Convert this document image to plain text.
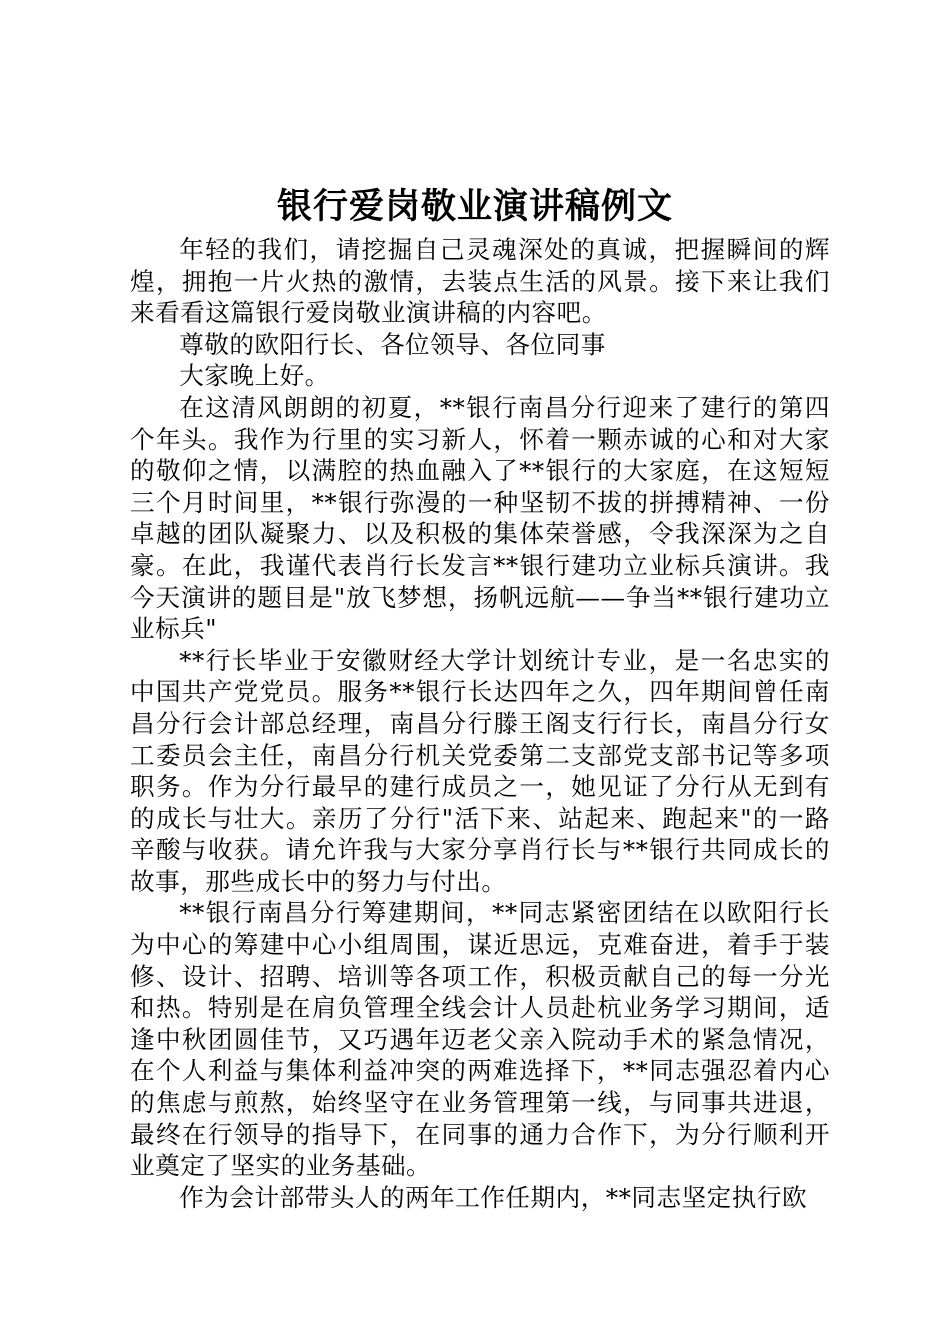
银行爱岗敬业演讲稿例文

年轻的我们，请挖掘自己灵魂深处的真诚，把握瞬间的辉煌，拥抱一片火热的激情，去装点生活的风景。接下来让我们来看看这篇银行爱岗敬业演讲稿的内容吧。

尊敬的欧阳行长、各位领导、各位同事

大家晚上好。

在这清风朗朗的初夏，**银行南昌分行迎来了建行的第四个年头。我作为行里的实习新人，怀着一颗赤诚的心和对大家的敬仰之情，以满腔的热血融入了**银行的大家庭，在这短短三个月时间里，**银行弥漫的一种坚韧不拔的拼搏精神、一份卓越的团队凝聚力、以及积极的集体荣誉感，令我深深为之自豪。在此，我谨代表肖行长发言**银行建功立业标兵演讲。我今天演讲的题目是"放飞梦想，扬帆远航——争当**银行建功立业标兵"

**行长毕业于安徽财经大学计划统计专业，是一名忠实的中国共产党党员。服务**银行长达四年之久，四年期间曾任南昌分行会计部总经理，南昌分行滕王阁支行行长，南昌分行女工委员会主任，南昌分行机关党委第二支部党支部书记等多项职务。作为分行最早的建行成员之一，她见证了分行从无到有的成长与壮大。亲历了分行"活下来、站起来、跑起来"的一路辛酸与收获。请允许我与大家分享肖行长与**银行共同成长的故事，那些成长中的努力与付出。

**银行南昌分行筹建期间，**同志紧密团结在以欧阳行长为中心的筹建中心小组周围，谋近思远，克难奋进，着手于装修、设计、招聘、培训等各项工作，积极贡献自己的每一分光和热。特别是在肩负管理全线会计人员赴杭业务学习期间，适逢中秋团圆佳节，又巧遇年迈老父亲入院动手术的紧急情况，在个人利益与集体利益冲突的两难选择下，**同志强忍着内心的焦虑与煎熬，始终坚守在业务管理第一线，与同事共进退，最终在行领导的指导下，在同事的通力合作下，为分行顺利开业奠定了坚实的业务基础。

作为会计部带头人的两年工作任期内，**同志坚定执行欧
